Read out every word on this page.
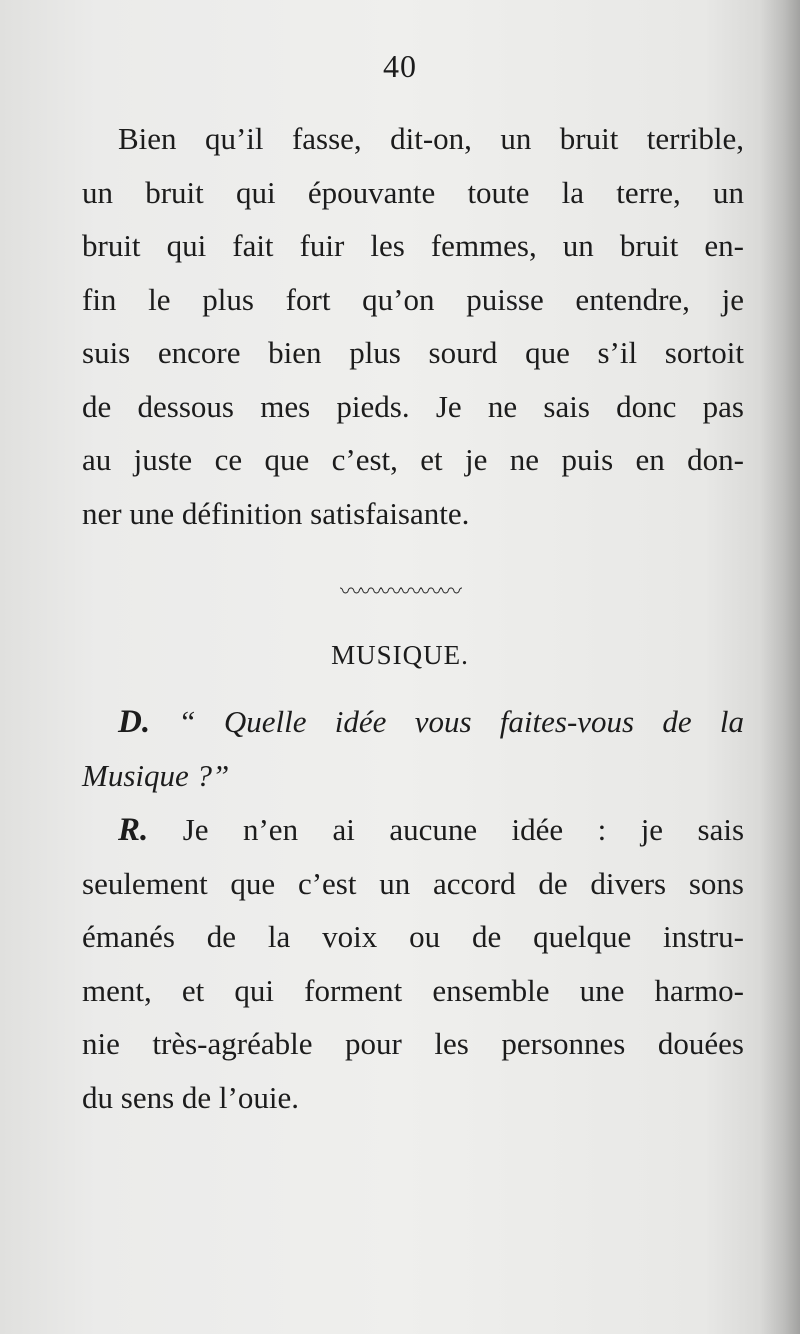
40
Bien qu’il fasse, dit-on, un bruit terrible,
un bruit qui épouvante toute la terre, un
bruit qui fait fuir les femmes, un bruit en-
fin le plus fort qu’on puisse entendre, je
suis encore bien plus sourd que s’il sortoit
de dessous mes pieds. Je ne sais donc pas
au juste ce que c’est, et je ne puis en don-
ner une définition satisfaisante.
〰〰〰〰〰〰
MUSIQUE.
D. “ Quelle idée vous faites-vous de la
Musique ?”
R. Je n’en ai aucune idée : je sais
seulement que c’est un accord de divers sons
émanés de la voix ou de quelque instru-
ment, et qui forment ensemble une harmo-
nie très-agréable pour les personnes douées
du sens de l’ouie.
